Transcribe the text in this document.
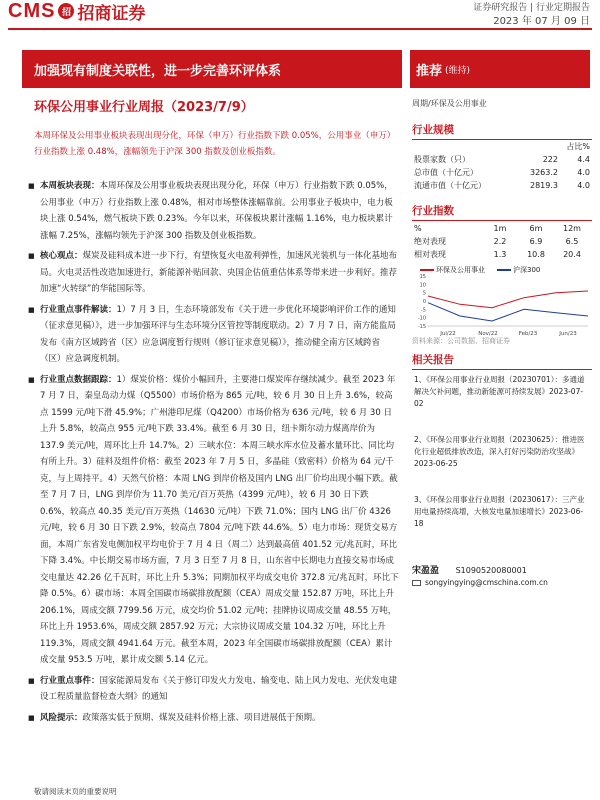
CMS 招 招商证券	证券研究报告 | 行业定期报告
2023 年 07 月 09 日
加强现有制度关联性，进一步完善环评体系	推荐 (维持)
环保公用事业行业周报（2023/7/9）	周期/环保及公用事业
本周环保及公用事业板块表现出现分化，环保（申万）行业指数下跌 0.05%，公用事业（申万）行业指数上涨 0.48%，涨幅领先于沪深 300 指数及创业板指数。
■ 本周板块表现：本周环保及公用事业板块表现出现分化，环保（申万）行业指数下跌 0.05%，公用事业（申万）行业指数上涨 0.48%，相对市场整体涨幅靠前。公用事业子板块中，电力板块上涨 0.54%，燃气板块下跌 0.23%。今年以来，环保板块累计涨幅 1.16%，电力板块累计涨幅 7.25%，涨幅均领先于沪深 300 指数及创业板指数。
■ 核心观点：煤炭及硅料成本进一步下行，有望恢复火电盈利弹性，加速风光装机与一体化基地布局。火电灵活性改造加速进行，新能源补贴回款、央国企估值重估体系等带来进一步利好。推荐加速“火转绿”的华能国际等。
■ 行业重点事件解读：1）7 月 3 日，生态环境部发布《关于进一步优化环境影响评价工作的通知（征求意见稿）》，进一步加强环评与生态环境分区管控等制度联动。2）7 月 7 日，南方能监局发布《南方区域跨省（区）应急调度暂行规则（修订征求意见稿）》，推动健全南方区域跨省（区）应急调度机制。
■ 行业重点数据跟踪：1）煤炭价格：煤价小幅回升，主要港口煤炭库存继续减少。截至 2023 年 7 月 7 日，秦皇岛动力煤（Q5500）市场价格为 865 元/吨，较 6 月 30 日上升 3.6%，较高点 1599 元/吨下滑 45.9%；广州港印尼煤（Q4200）市场价格为 636 元/吨，较 6 月 30 日上升 5.8%，较高点 955 元/吨下跌 33.4%。截至 6 月 30 日，纽卡斯尔动力煤离岸价为 137.9 美元/吨，周环比上升 14.7%。2）三峡水位：本周三峡水库水位及蓄水量环比、同比均有所上升。3）硅料及组件价格：截至 2023 年 7 月 5 日，多晶硅（致密料）价格为 64 元/千克，与上周持平。4）天然气价格：本周 LNG 到岸价格及国内 LNG 出厂价均出现小幅下跌。截至 7 月 7 日，LNG 到岸价为 11.70 美元/百万英热（4399 元/吨），较 6 月 30 日下跌 0.6%，较高点 40.35 美元/百万英热（14630 元/吨）下跌 71.0%；国内 LNG 出厂价 4326 元/吨，较 6 月 30 日下跌 2.9%，较高点 7804 元/吨下跌 44.6%。5）电力市场：现货交易方面，本周广东省发电侧加权平均电价于 7 月 4 日（周二）达到最高值 401.52 元/兆瓦时，环比下降 3.4%。中长期交易市场方面，7 月 3 日至 7 月 8 日，山东省中长期电力直接交易市场成交电量达 42.26 亿千瓦时，环比上升 5.3%；同期加权平均成交电价 372.8 元/兆瓦时，环比下降 0.5%。6）碳市场：本周全国碳市场碳排放配额（CEA）周成交量 152.87 万吨，环比上升 206.1%，周成交额 7799.56 万元，成交均价 51.02 元/吨；挂牌协议周成交量 48.55 万吨，环比上升 1953.6%，周成交额 2857.92 万元；大宗协议周成交量 104.32 万吨，环比上升 119.3%，周成交额 4941.64 万元。截至本周，2023 年全国碳市场碳排放配额（CEA）累计成交量 953.5 万吨，累计成交额 5.14 亿元。
■ 行业重点事件：国家能源局发布《关于修订印发火力发电、输变电、陆上风力发电、光伏发电建设工程质量监督检查大纲》的通知
■ 风险提示：政策落实低于预期、煤炭及硅料价格上涨、项目进展低于预期。
敬请阅读末页的重要说明
行业规模
占比%
股票家数（只）	222	4.4
总市值（十亿元）	3263.2	4.0
流通市值（十亿元）	2819.3	4.0
行业指数
%	1m	6m	12m
绝对表现	2.2	6.9	6.5
相对表现	1.3	10.8	20.4
环保及公用事业	沪深300
15
10
5
0
-5
-10
-15
Jul/22	Nov/22	Feb/23	Jun/23
资料来源：公司数据、招商证券
相关报告
1、《环保公用事业行业周报（20230701）：多通道解决欠补问题，推动新能源可持续发展》2023-07-02
2、《环保公用事业行业周报（20230625）：推进医化行业超低排放改造，深入打好污染防治攻坚战》2023-06-25
3、《环保公用事业行业周报（20230617）：三产业用电量持续高增，大核发电量加速增长》2023-06-18
宋盈盈 S1090520080001
songyingying@cmschina.com.cn
